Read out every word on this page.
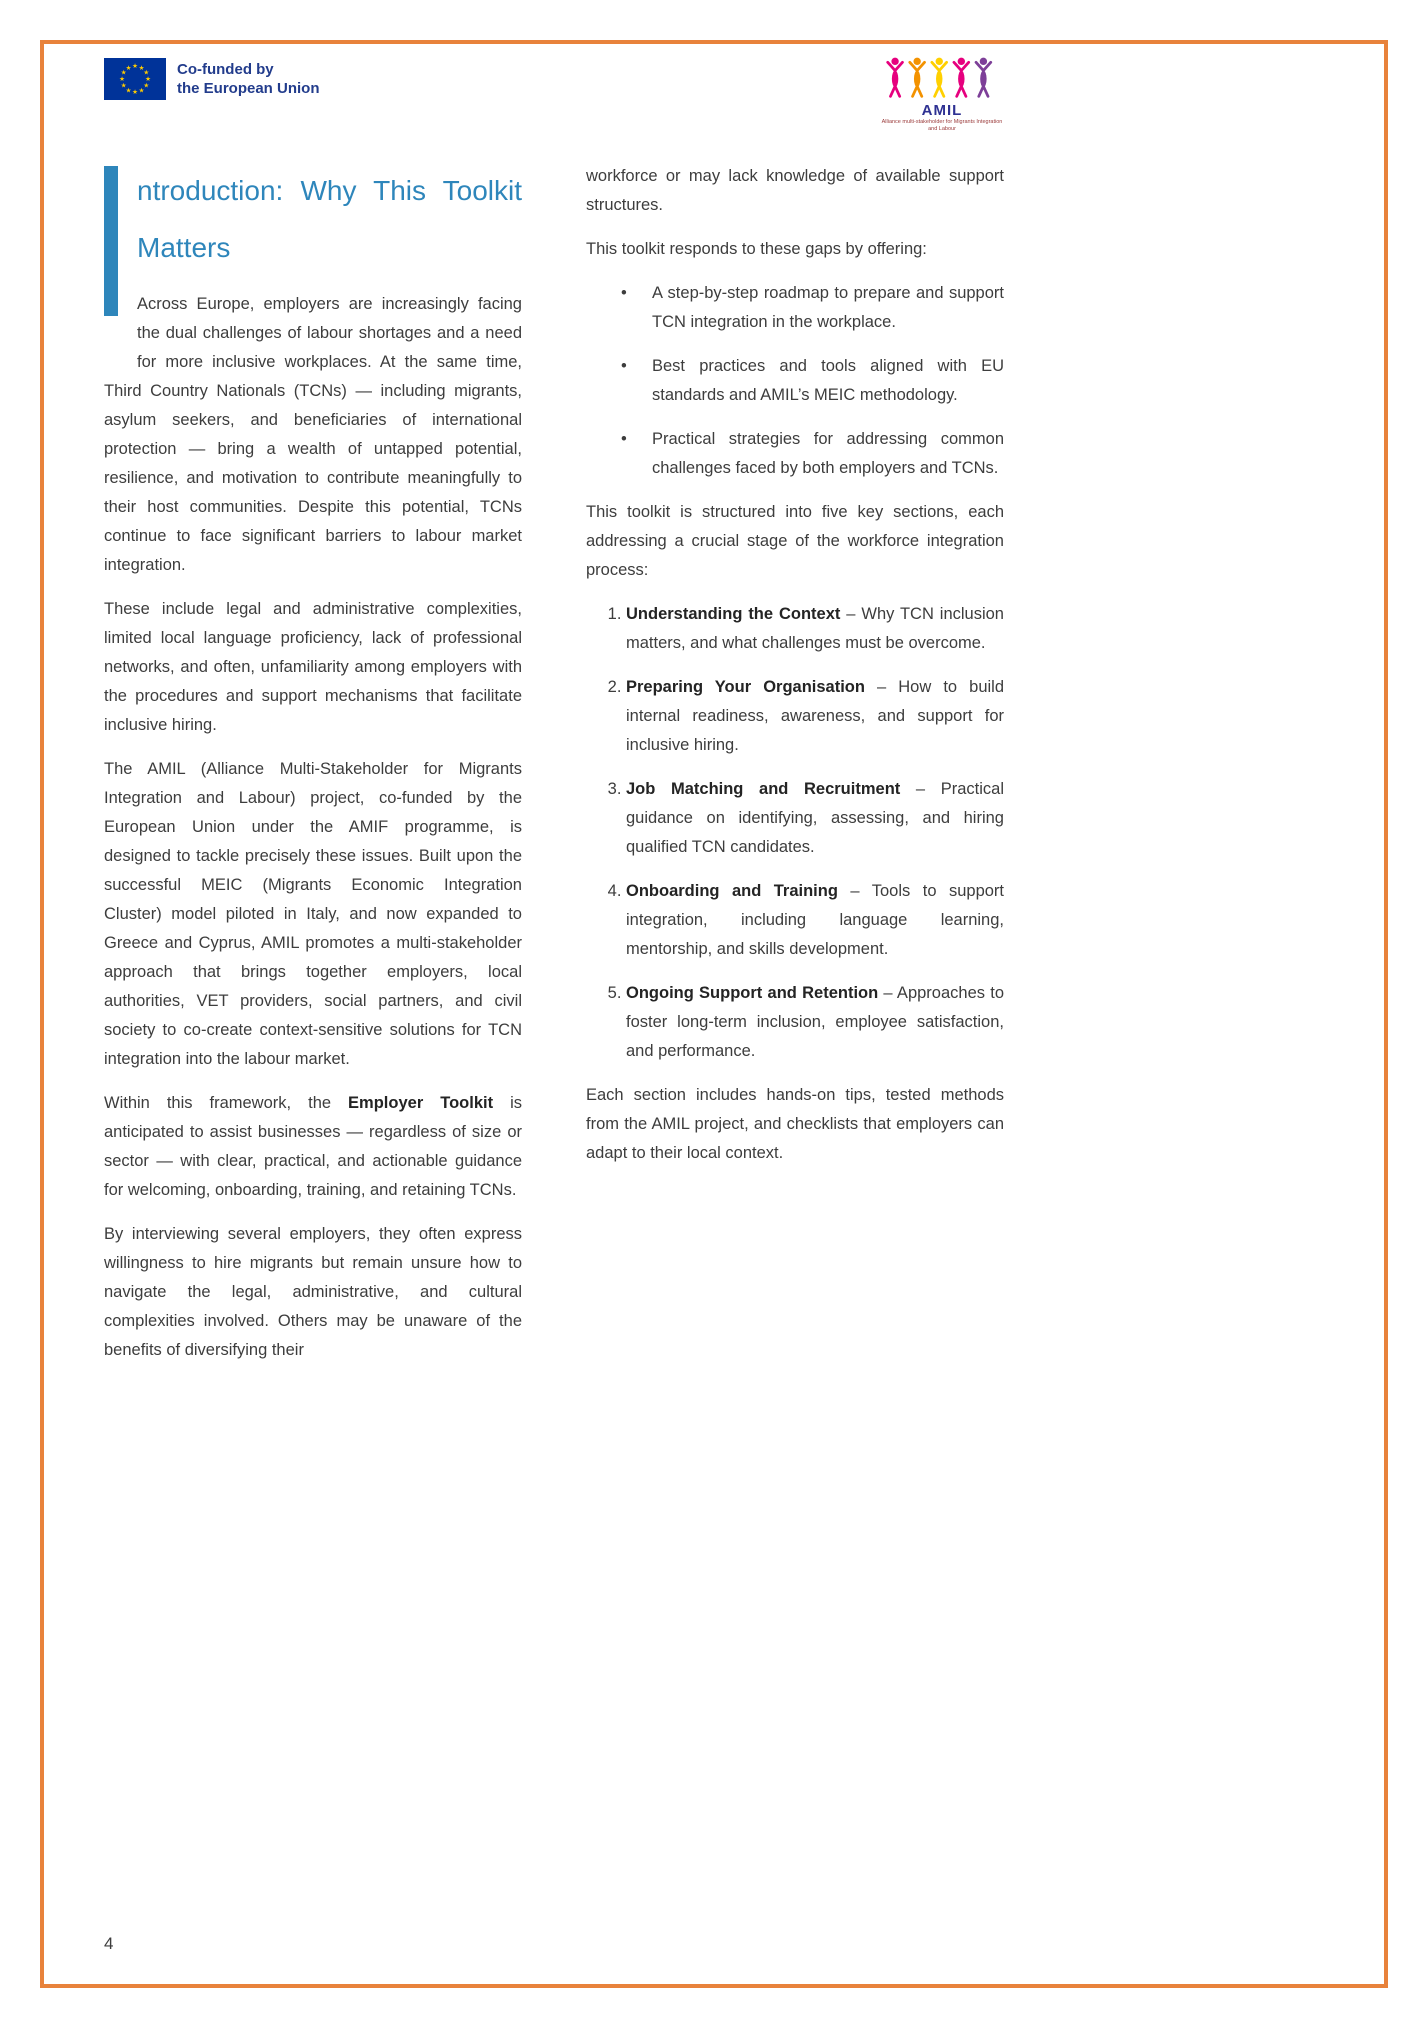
★ ★
★
★
★
★
★
★
★
★
★
★	Co-funded by
the European Union
AMIL
Alliance multi-stakeholder for Migrants Integration and Labour
ntroduction: Why This Toolkit Matters

Across Europe, employers are increasingly facing the dual challenges of labour shortages and a need for more inclusive workplaces. At the same time, Third Country Nationals (TCNs) — including migrants, asylum seekers, and beneficiaries of international protection — bring a wealth of untapped potential, resilience, and motivation to contribute meaningfully to their host communities. Despite this potential, TCNs continue to face significant barriers to labour market integration.

These include legal and administrative complexities, limited local language proficiency, lack of professional networks, and often, unfamiliarity among employers with the procedures and support mechanisms that facilitate inclusive hiring.

The AMIL (Alliance Multi-Stakeholder for Migrants Integration and Labour) project, co-funded by the European Union under the AMIF programme, is designed to tackle precisely these issues. Built upon the successful MEIC (Migrants Economic Integration Cluster) model piloted in Italy, and now expanded to Greece and Cyprus, AMIL promotes a multi-stakeholder approach that brings together employers, local authorities, VET providers, social partners, and civil society to co-create context-sensitive solutions for TCN integration into the labour market.

Within this framework, the Employer Toolkit is anticipated to assist businesses — regardless of size or sector — with clear, practical, and actionable guidance for welcoming, onboarding, training, and retaining TCNs.

By interviewing several employers, they often express willingness to hire migrants but remain unsure how to navigate the legal, administrative, and cultural complexities involved. Others may be unaware of the benefits of diversifying their

workforce or may lack knowledge of available support structures.

This toolkit responds to these gaps by offering:

• A step-by-step roadmap to prepare and support TCN integration in the workplace.
• Best practices and tools aligned with EU standards and AMIL’s MEIC methodology.
• Practical strategies for addressing common challenges faced by both employers and TCNs.

This toolkit is structured into five key sections, each addressing a crucial stage of the workforce integration process:

1. Understanding the Context – Why TCN inclusion matters, and what challenges must be overcome.
2. Preparing Your Organisation – How to build internal readiness, awareness, and support for inclusive hiring.
3. Job Matching and Recruitment – Practical guidance on identifying, assessing, and hiring qualified TCN candidates.
4. Onboarding and Training – Tools to support integration, including language learning, mentorship, and skills development.
5. Ongoing Support and Retention – Approaches to foster long-term inclusion, employee satisfaction, and performance.

Each section includes hands-on tips, tested methods from the AMIL project, and checklists that employers can adapt to their local context.

4
